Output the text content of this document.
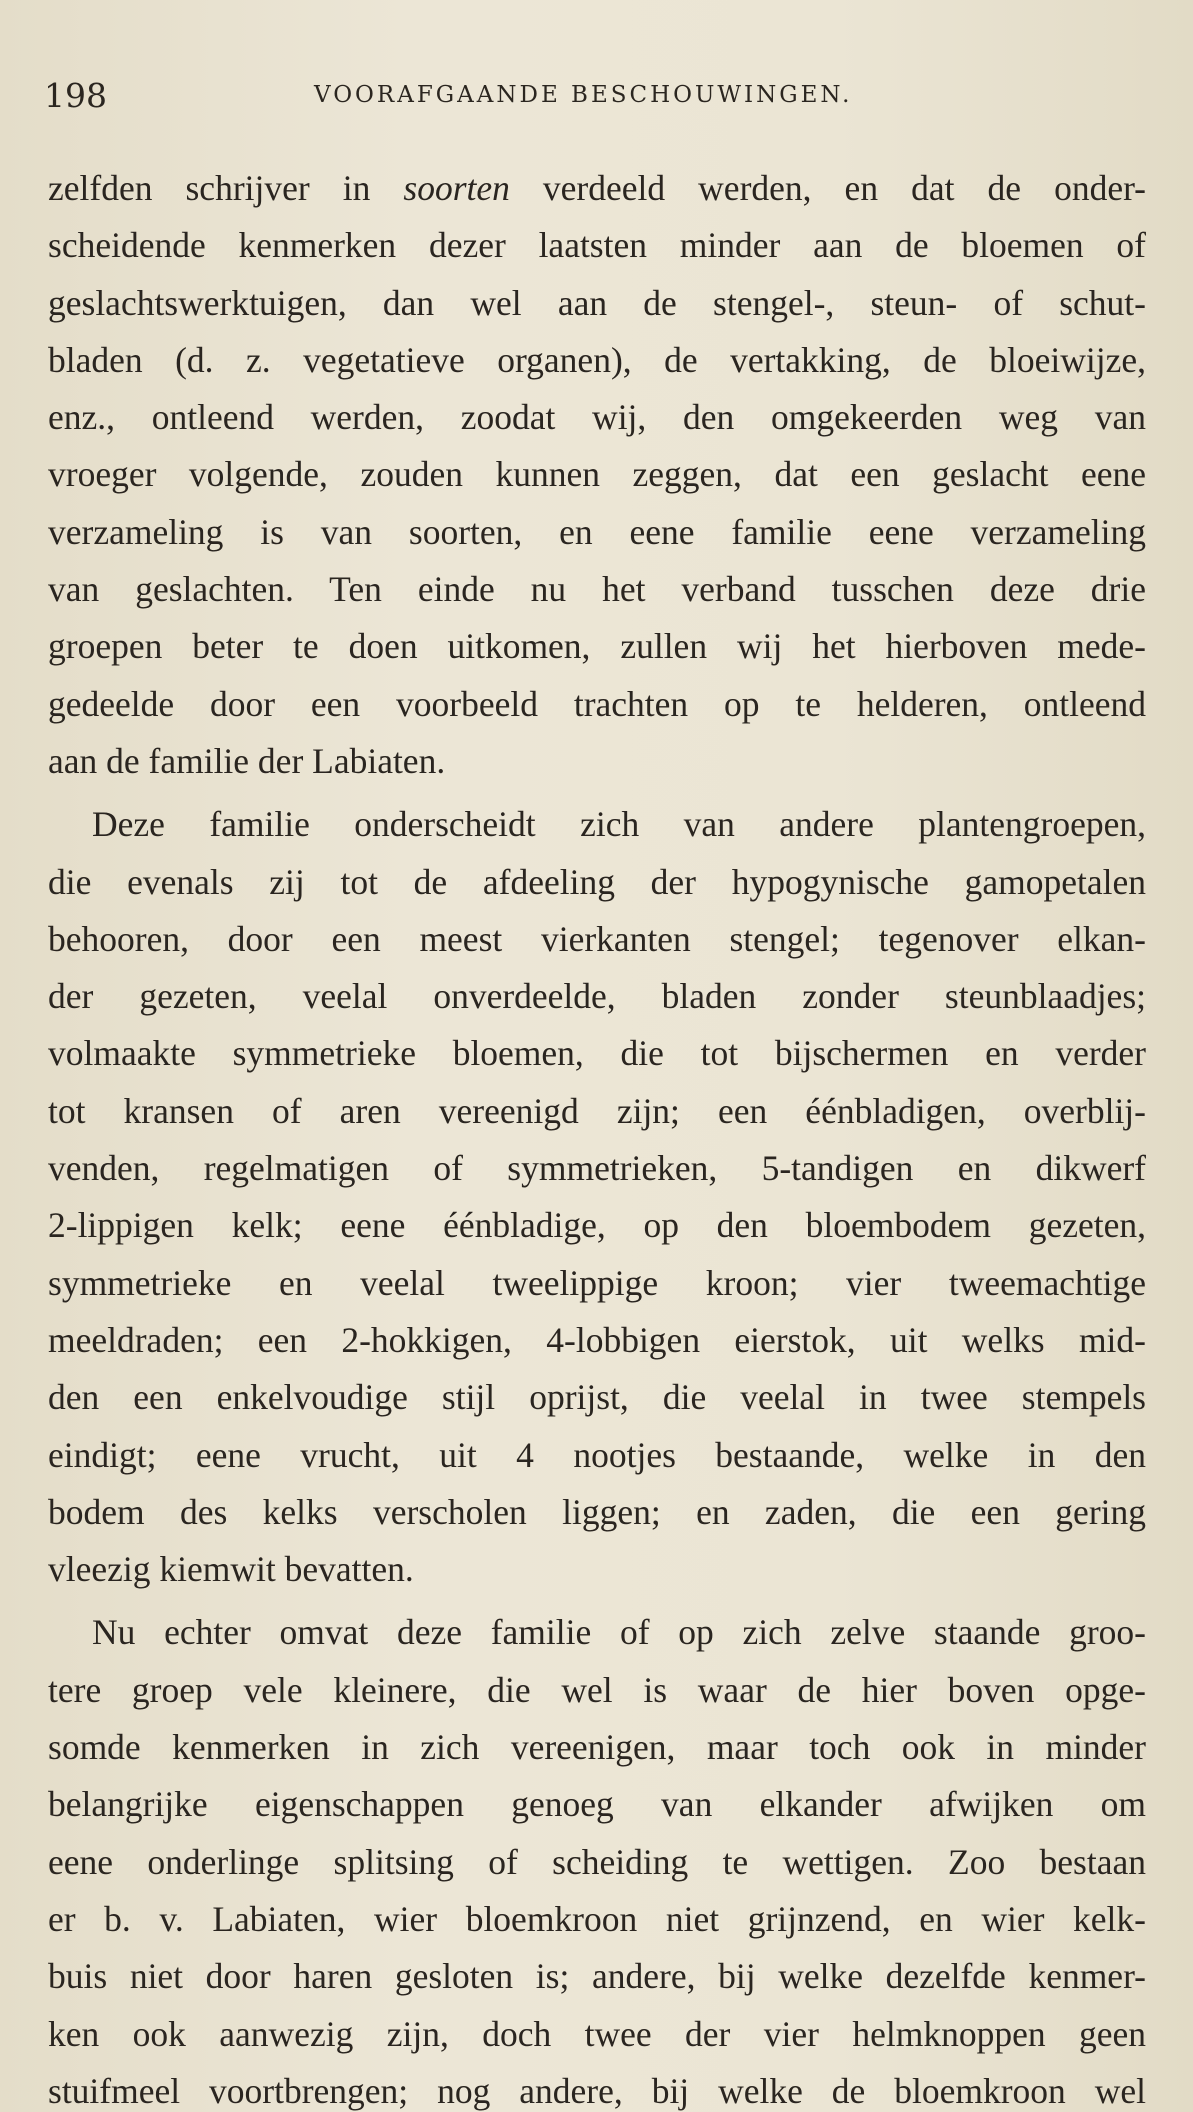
198	VOORAFGAANDE BESCHOUWINGEN.
zelfden schrijver in soorten verdeeld werden, en dat de onder-
scheidende kenmerken dezer laatsten minder aan de bloemen of
geslachtswerktuigen, dan wel aan de stengel-, steun- of schut-
bladen (d. z. vegetatieve organen), de vertakking, de bloeiwijze,
enz., ontleend werden, zoodat wij, den omgekeerden weg van
vroeger volgende, zouden kunnen zeggen, dat een geslacht eene
verzameling is van soorten, en eene familie eene verzameling
van geslachten. Ten einde nu het verband tusschen deze drie
groepen beter te doen uitkomen, zullen wij het hierboven mede-
gedeelde door een voorbeeld trachten op te helderen, ontleend
aan de familie der Labiaten.
Deze familie onderscheidt zich van andere plantengroepen,
die evenals zij tot de afdeeling der hypogynische gamopetalen
behooren, door een meest vierkanten stengel; tegenover elkan-
der gezeten, veelal onverdeelde, bladen zonder steunblaadjes;
volmaakte symmetrieke bloemen, die tot bijschermen en verder
tot kransen of aren vereenigd zijn; een éénbladigen, overblij-
venden, regelmatigen of symmetrieken, 5-tandigen en dikwerf
2-lippigen kelk; eene éénbladige, op den bloembodem gezeten,
symmetrieke en veelal tweelippige kroon; vier tweemachtige
meeldraden; een 2-hokkigen, 4-lobbigen eierstok, uit welks mid-
den een enkelvoudige stijl oprijst, die veelal in twee stempels
eindigt; eene vrucht, uit 4 nootjes bestaande, welke in den
bodem des kelks verscholen liggen; en zaden, die een gering
vleezig kiemwit bevatten.
Nu echter omvat deze familie of op zich zelve staande groo-
tere groep vele kleinere, die wel is waar de hier boven opge-
somde kenmerken in zich vereenigen, maar toch ook in minder
belangrijke eigenschappen genoeg van elkander afwijken om
eene onderlinge splitsing of scheiding te wettigen. Zoo bestaan
er b. v. Labiaten, wier bloemkroon niet grijnzend, en wier kelk-
buis niet door haren gesloten is; andere, bij welke dezelfde kenmer-
ken ook aanwezig zijn, doch twee der vier helmknoppen geen
stuifmeel voortbrengen; nog andere, bij welke de bloemkroon wel
